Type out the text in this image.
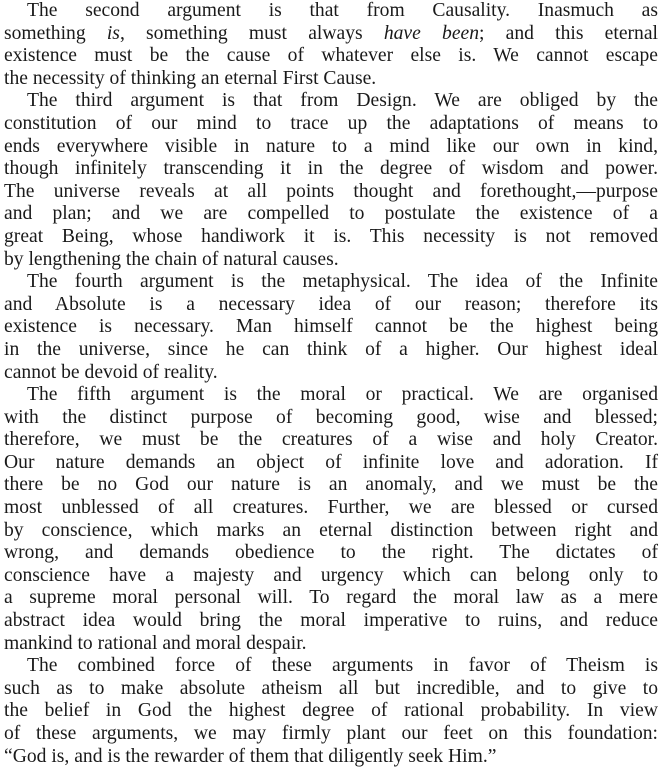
The second argument is that from Causality. Inasmuch as
something is, something must always have been; and this eternal
existence must be the cause of whatever else is. We cannot escape
the necessity of thinking an eternal First Cause.

The third argument is that from Design. We are obliged by the
constitution of our mind to trace up the adaptations of means to
ends everywhere visible in nature to a mind like our own in kind,
though infinitely transcending it in the degree of wisdom and power.
The universe reveals at all points thought and forethought,—purpose
and plan; and we are compelled to postulate the existence of a
great Being, whose handiwork it is. This necessity is not removed
by lengthening the chain of natural causes.

The fourth argument is the metaphysical. The idea of the Infinite
and Absolute is a necessary idea of our reason; therefore its
existence is necessary. Man himself cannot be the highest being
in the universe, since he can think of a higher. Our highest ideal
cannot be devoid of reality.

The fifth argument is the moral or practical. We are organised
with the distinct purpose of becoming good, wise and blessed;
therefore, we must be the creatures of a wise and holy Creator.
Our nature demands an object of infinite love and adoration. If
there be no God our nature is an anomaly, and we must be the
most unblessed of all creatures. Further, we are blessed or cursed
by conscience, which marks an eternal distinction between right and
wrong, and demands obedience to the right. The dictates of
conscience have a majesty and urgency which can belong only to
a supreme moral personal will. To regard the moral law as a mere
abstract idea would bring the moral imperative to ruins, and reduce
mankind to rational and moral despair.

The combined force of these arguments in favor of Theism is
such as to make absolute atheism all but incredible, and to give to
the belief in God the highest degree of rational probability. In view
of these arguments, we may firmly plant our feet on this foundation:
“God is, and is the rewarder of them that diligently seek Him.”
